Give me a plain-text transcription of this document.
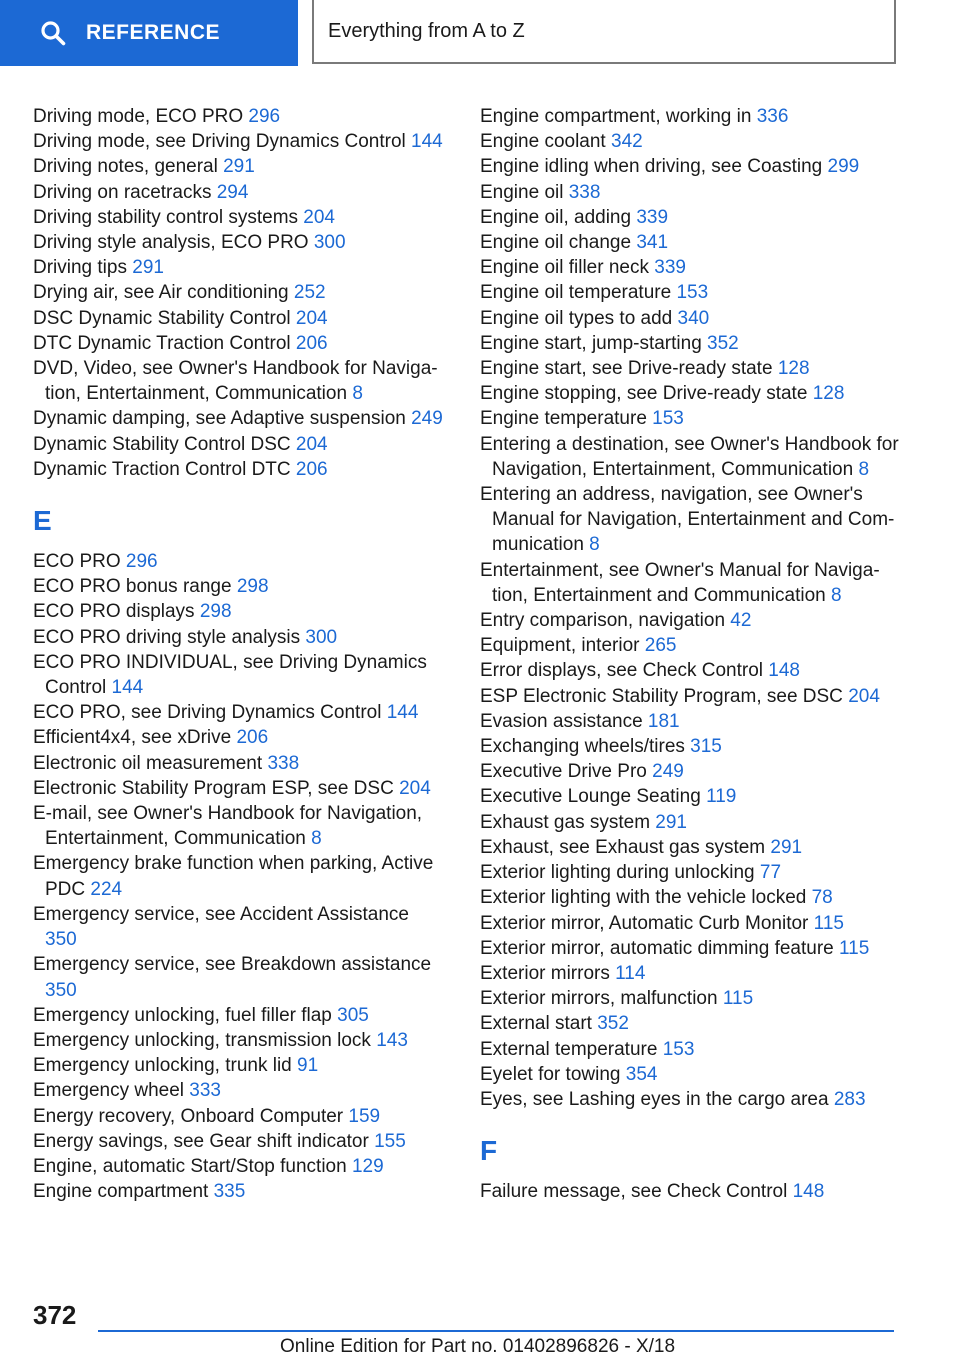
REFERENCE	Everything from A to Z
Driving mode, ECO PRO 296
Driving mode, see Driving Dynamics Control 144
Driving notes, general 291
Driving on racetracks 294
Driving stability control systems 204
Driving style analysis, ECO PRO 300
Driving tips 291
Drying air, see Air conditioning 252
DSC Dynamic Stability Control 204
DTC Dynamic Traction Control 206
DVD, Video, see Owner's Handbook for Navigation, Entertainment, Communication 8
Dynamic damping, see Adaptive suspension 249
Dynamic Stability Control DSC 204
Dynamic Traction Control DTC 206
E
ECO PRO 296
ECO PRO bonus range 298
ECO PRO displays 298
ECO PRO driving style analysis 300
ECO PRO INDIVIDUAL, see Driving Dynamics Control 144
ECO PRO, see Driving Dynamics Control 144
Efficient4x4, see xDrive 206
Electronic oil measurement 338
Electronic Stability Program ESP, see DSC 204
E-mail, see Owner's Handbook for Navigation, Entertainment, Communication 8
Emergency brake function when parking, Active PDC 224
Emergency service, see Accident Assistance 350
Emergency service, see Breakdown assistance 350
Emergency unlocking, fuel filler flap 305
Emergency unlocking, transmission lock 143
Emergency unlocking, trunk lid 91
Emergency wheel 333
Energy recovery, Onboard Computer 159
Energy savings, see Gear shift indicator 155
Engine, automatic Start/Stop function 129
Engine compartment 335
Engine compartment, working in 336
Engine coolant 342
Engine idling when driving, see Coasting 299
Engine oil 338
Engine oil, adding 339
Engine oil change 341
Engine oil filler neck 339
Engine oil temperature 153
Engine oil types to add 340
Engine start, jump-starting 352
Engine start, see Drive-ready state 128
Engine stopping, see Drive-ready state 128
Engine temperature 153
Entering a destination, see Owner's Handbook for Navigation, Entertainment, Communication 8
Entering an address, navigation, see Owner's Manual for Navigation, Entertainment and Communication 8
Entertainment, see Owner's Manual for Navigation, Entertainment and Communication 8
Entry comparison, navigation 42
Equipment, interior 265
Error displays, see Check Control 148
ESP Electronic Stability Program, see DSC 204
Evasion assistance 181
Exchanging wheels/tires 315
Executive Drive Pro 249
Executive Lounge Seating 119
Exhaust gas system 291
Exhaust, see Exhaust gas system 291
Exterior lighting during unlocking 77
Exterior lighting with the vehicle locked 78
Exterior mirror, Automatic Curb Monitor 115
Exterior mirror, automatic dimming feature 115
Exterior mirrors 114
Exterior mirrors, malfunction 115
External start 352
External temperature 153
Eyelet for towing 354
Eyes, see Lashing eyes in the cargo area 283
F
Failure message, see Check Control 148
372
Online Edition for Part no. 01402896826 - X/18
